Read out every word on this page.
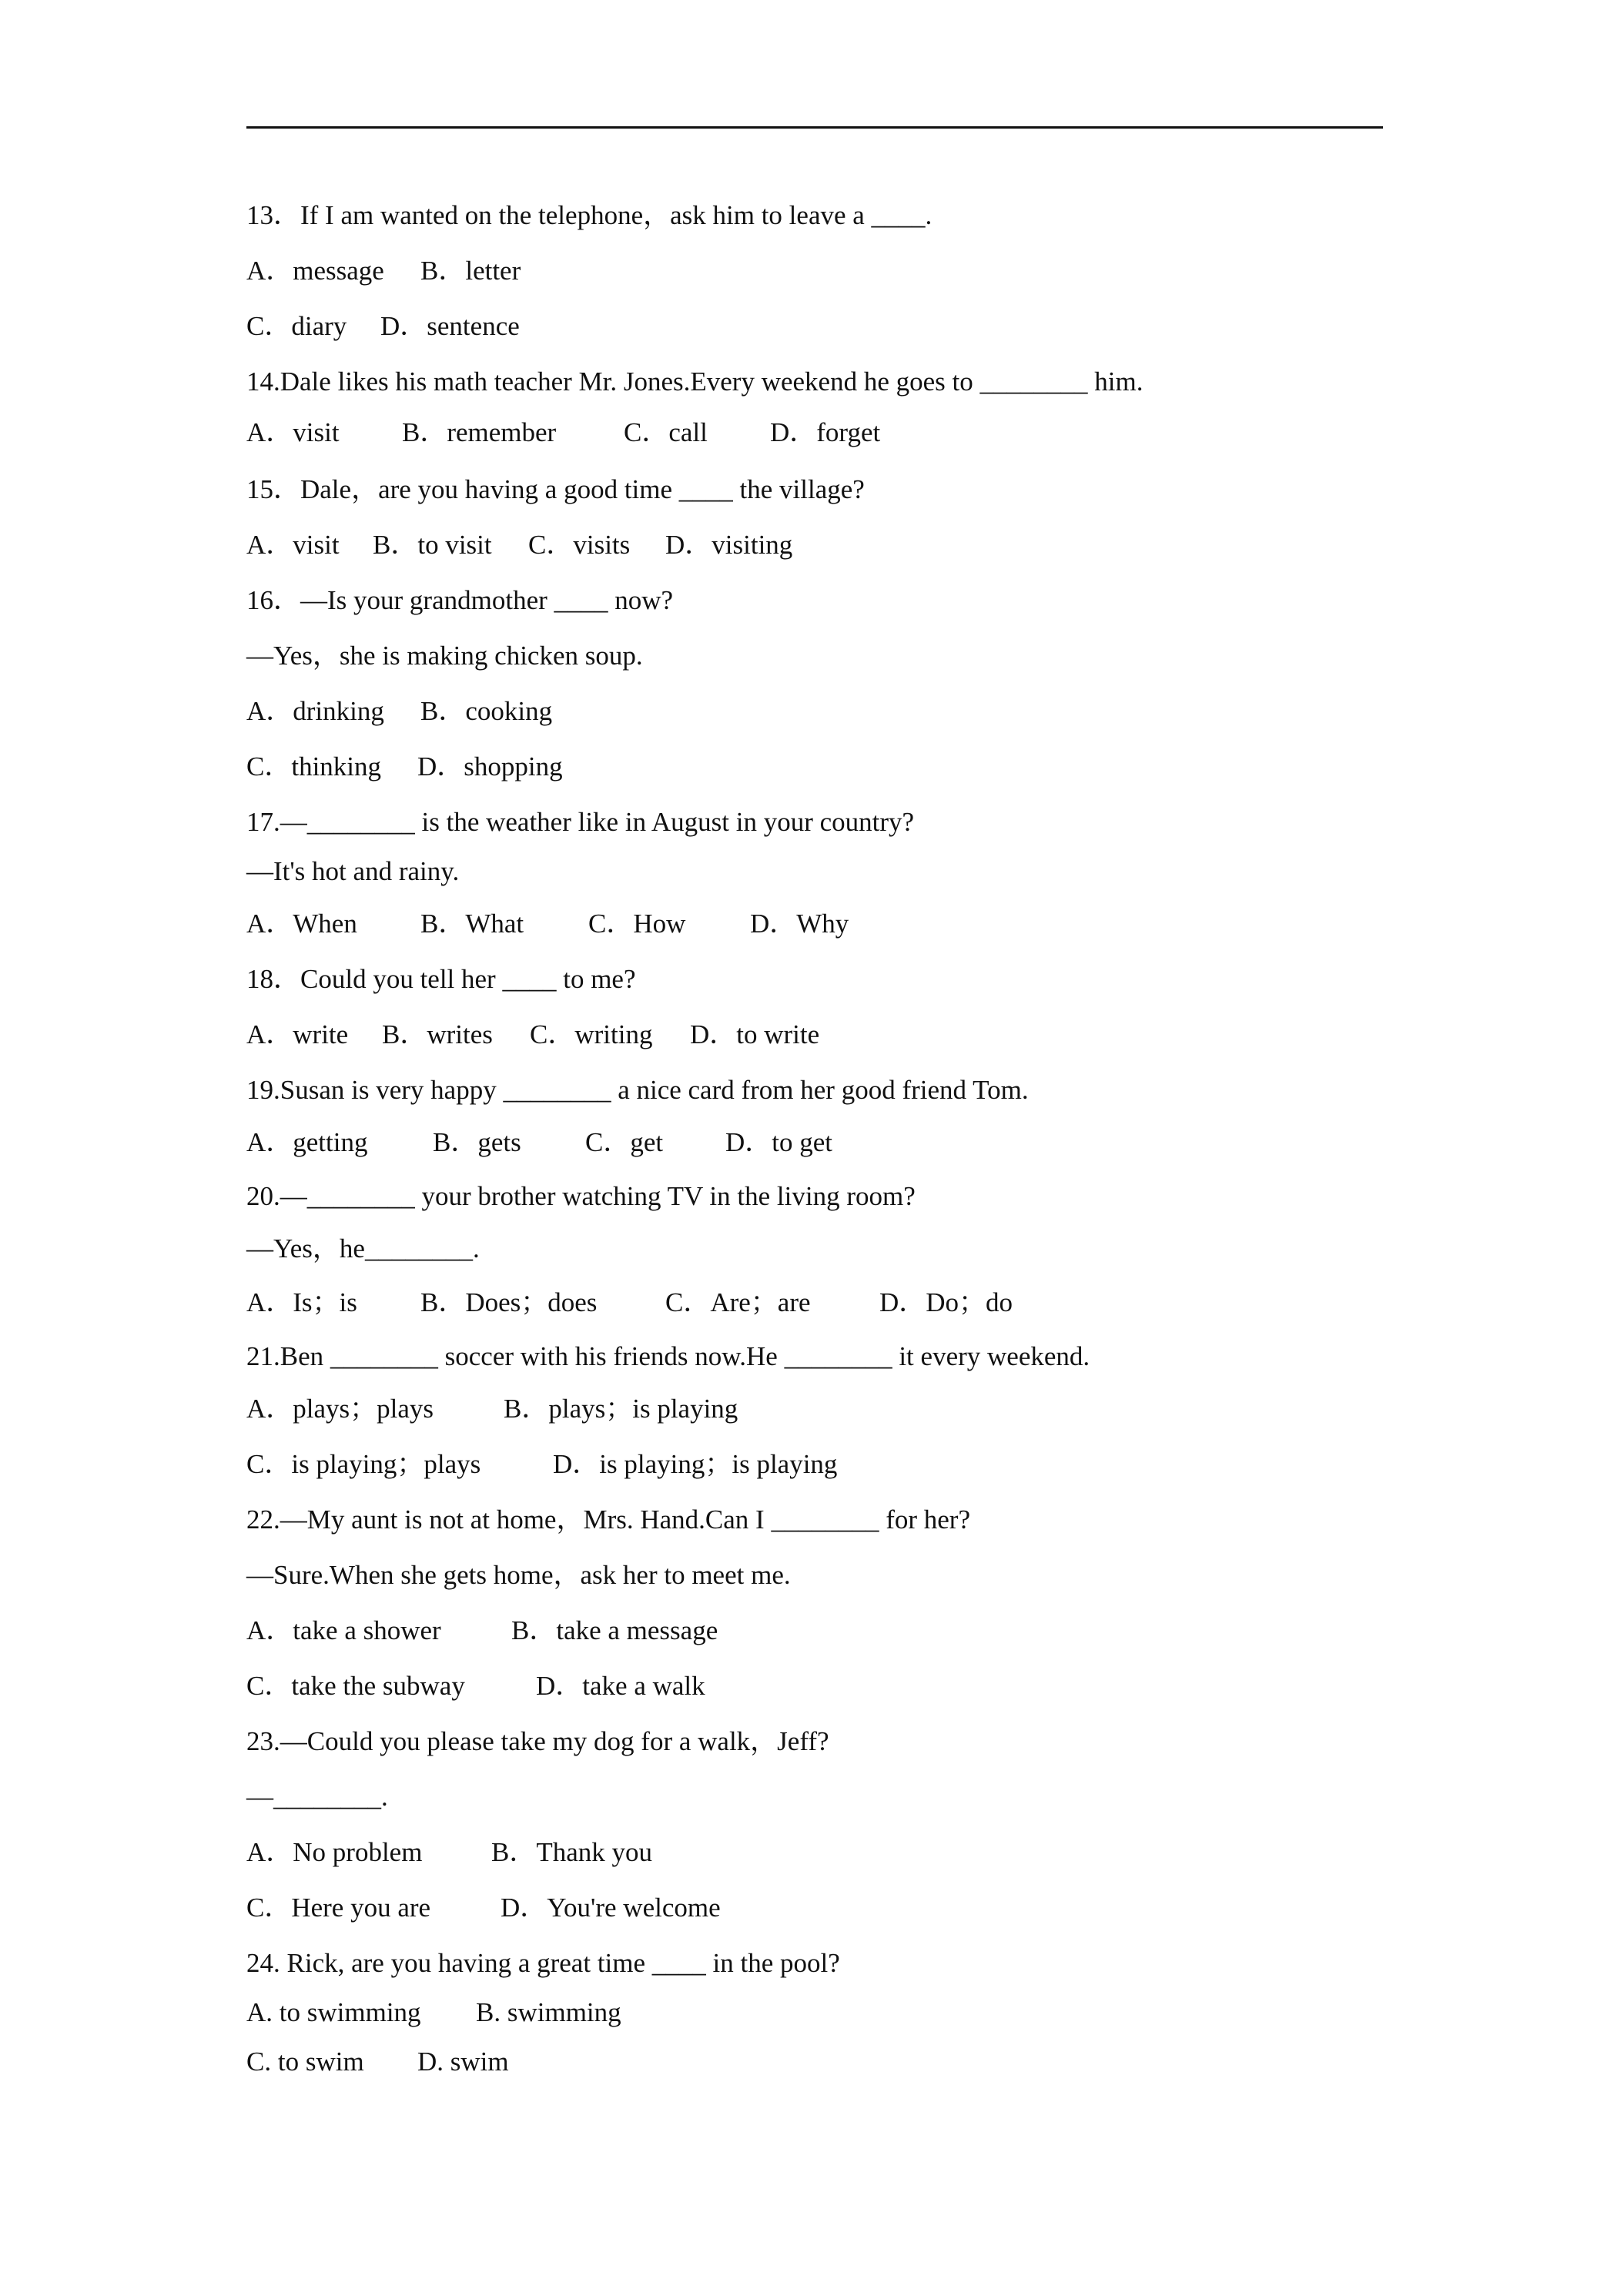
13．If I am wanted on the telephone，ask him to leave a ____.

A．message

B．letter

C．diary

D．sentence

14.Dale likes his math teacher Mr. Jones.Every weekend he goes to ________ him.

A．visit

B．remember

	C．call

D．forget

15．Dale，are you having a good time ____ the village?

A．visit

B．to visit

C．visits

D．visiting

16．—Is your grandmother ____ now?
—Yes，she is making chicken soup.

A．drinking

B．cooking

C．thinking

D．shopping

17.—________ is the weather like in August in your country?
—It's hot and rainy.

A．When

B．What

C．How

D．Why

18．Could you tell her ____ to me?

A．write

B．writes

C．writing

D．to write

19.Susan is very happy ________ a nice card from her good friend Tom.

A．getting

B．gets

C．get

D．to get

20.—________ your brother watching TV in the living room?
—Yes，he________.

A．Is；is

B．Does；does

	C．Are；are

	D．Do；do

21.Ben ________ soccer with his friends now.He ________ it every weekend.

A．plays；plays

	B．plays；is playing

C．is playing；plays

	D．is playing；is playing

22.—My aunt is not at home，Mrs. Hand.Can I ________ for her?
—Sure.When she gets home，ask her to meet me.

A．take a shower

	B．take a message

C．take the subway

	D．take a walk

23.—Could you please take my dog for a walk，Jeff?
—________.

A．No problem

	B．Thank you

C．Here you are

	D．You're welcome

24. Rick, are you having a great time ____ in the pool?

A. to swimming

B. swimming

C. to swim

D. swim
